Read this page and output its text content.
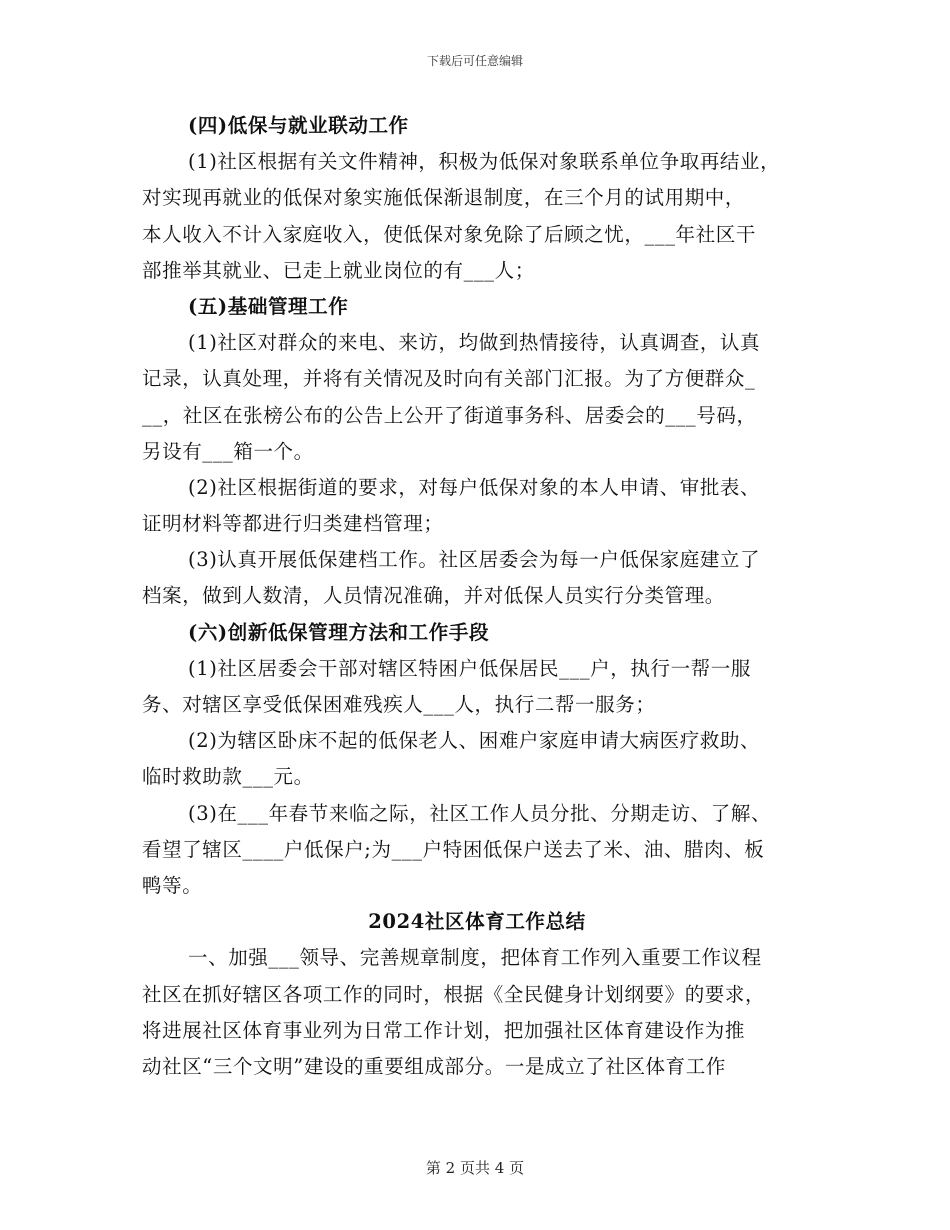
下载后可任意编辑
(四)低保与就业联动工作
(1)社区根据有关文件精神，积极为低保对象联系单位争取再结业，
对实现再就业的低保对象实施低保渐退制度，在三个月的试用期中，
本人收入不计入家庭收入，使低保对象免除了后顾之忧，___年社区干
部推举其就业、已走上就业岗位的有___人；
(五)基础管理工作
(1)社区对群众的来电、来访，均做到热情接待，认真调查，认真
记录，认真处理，并将有关情况及时向有关部门汇报。为了方便群众_
__，社区在张榜公布的公告上公开了街道事务科、居委会的___号码，
另设有___箱一个。
(2)社区根据街道的要求，对每户低保对象的本人申请、审批表、
证明材料等都进行归类建档管理；
(3)认真开展低保建档工作。社区居委会为每一户低保家庭建立了
档案，做到人数清，人员情况准确，并对低保人员实行分类管理。
(六)创新低保管理方法和工作手段
(1)社区居委会干部对辖区特困户低保居民___户，执行一帮一服
务、对辖区享受低保困难残疾人___人，执行二帮一服务；
(2)为辖区卧床不起的低保老人、困难户家庭申请大病医疗救助、
临时救助款___元。
(3)在___年春节来临之际，社区工作人员分批、分期走访、了解、
看望了辖区____户低保户;为___户特困低保户送去了米、油、腊肉、板
鸭等。
2024社区体育工作总结
一、加强___领导、完善规章制度，把体育工作列入重要工作议程
社区在抓好辖区各项工作的同时，根据《全民健身计划纲要》的要求，
将进展社区体育事业列为日常工作计划，把加强社区体育建设作为推
动社区“三个文明”建设的重要组成部分。一是成立了社区体育工作
第 2 页共 4 页
